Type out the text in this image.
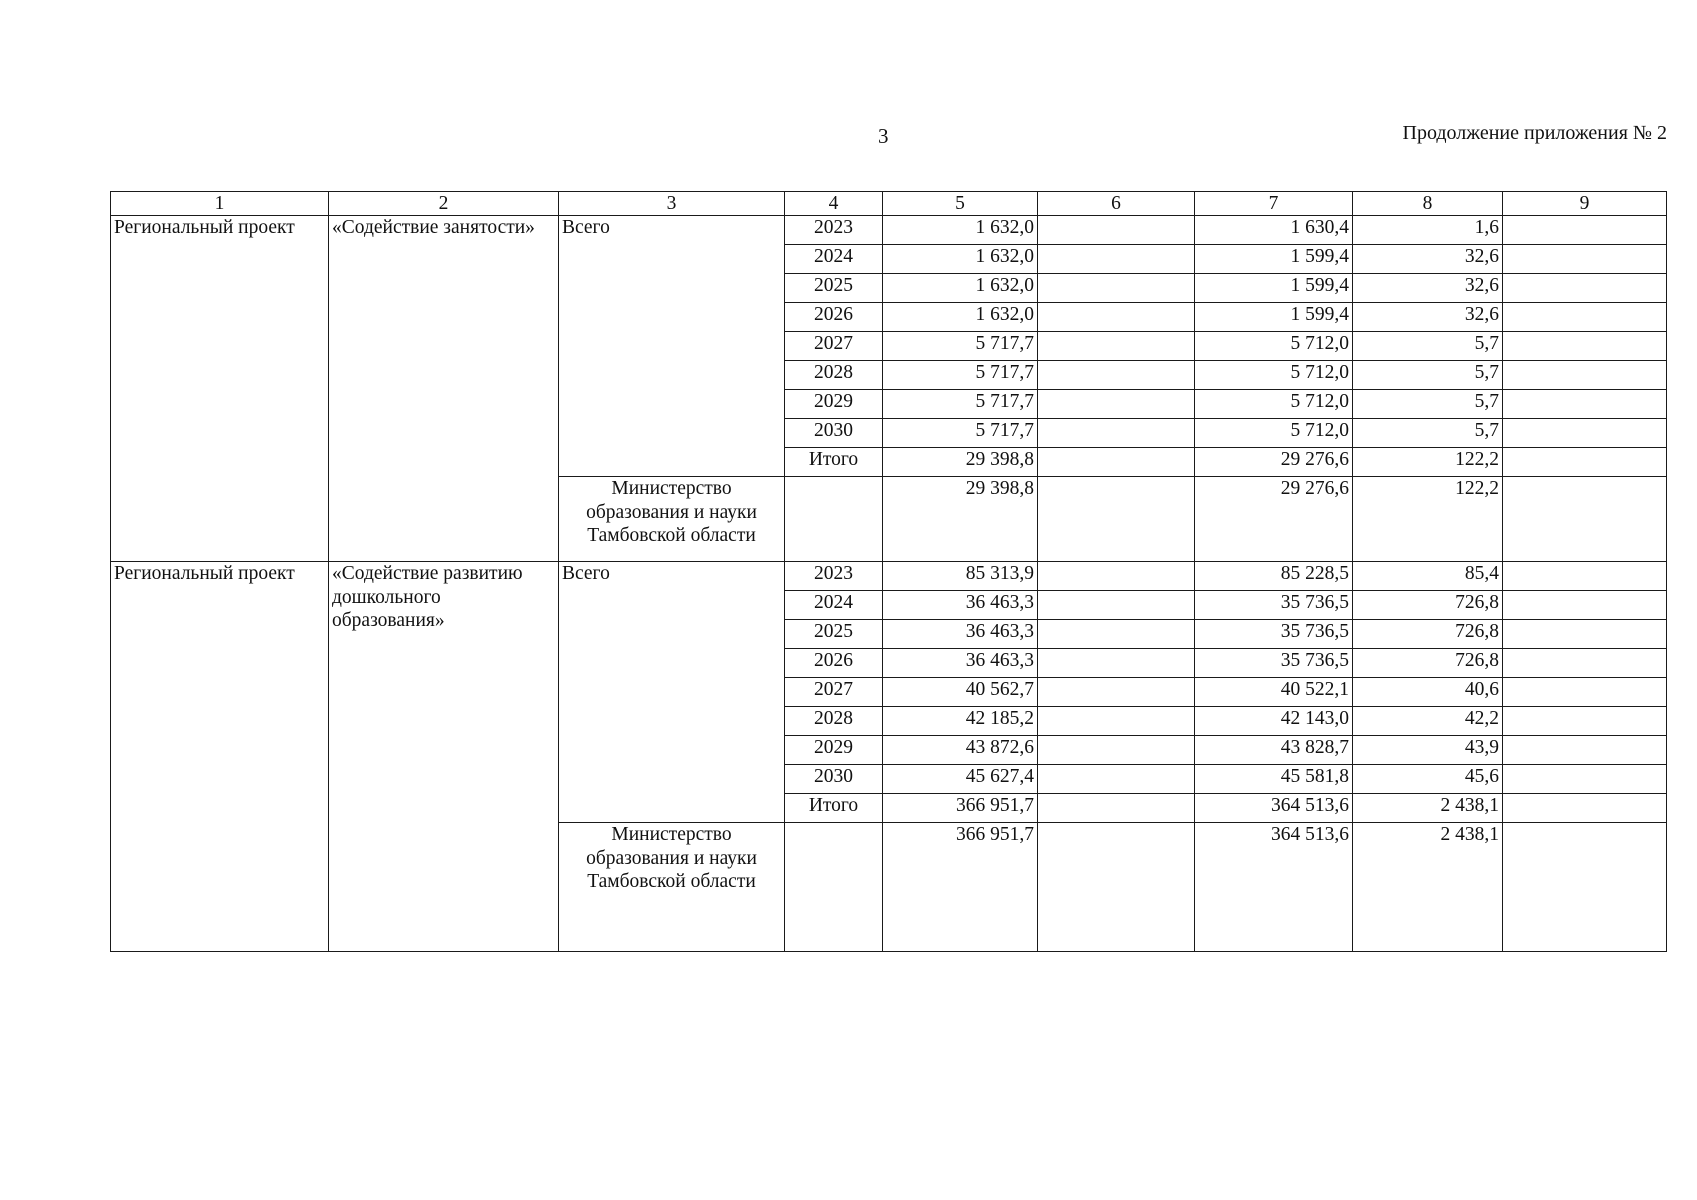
3	Продолжение приложения № 2
1	2	3	4	5	6	7	8	9
Региональный проект	«Содействие занятости»	Всего	2023	1 632,0		1 630,4	1,6	
			2024	1 632,0		1 599,4	32,6	
			2025	1 632,0		1 599,4	32,6	
			2026	1 632,0		1 599,4	32,6	
			2027	5 717,7		5 712,0	5,7	
			2028	5 717,7		5 712,0	5,7	
			2029	5 717,7		5 712,0	5,7	
			2030	5 717,7		5 712,0	5,7	
			Итого	29 398,8		29 276,6	122,2	
		Министерство образования и науки Тамбовской области		29 398,8		29 276,6	122,2	
Региональный проект	«Содействие развитию дошкольного образования»	Всего	2023	85 313,9		85 228,5	85,4	
			2024	36 463,3		35 736,5	726,8	
			2025	36 463,3		35 736,5	726,8	
			2026	36 463,3		35 736,5	726,8	
			2027	40 562,7		40 522,1	40,6	
			2028	42 185,2		42 143,0	42,2	
			2029	43 872,6		43 828,7	43,9	
			2030	45 627,4		45 581,8	45,6	
			Итого	366 951,7		364 513,6	2 438,1	
		Министерство образования и науки Тамбовской области		366 951,7		364 513,6	2 438,1	
